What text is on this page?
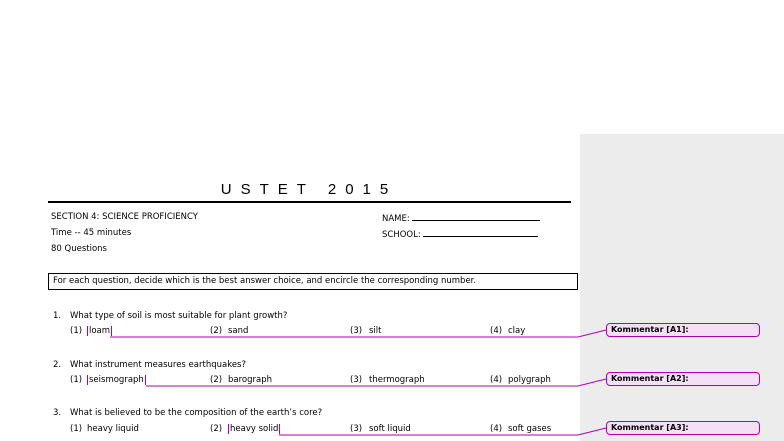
USTET 2015
SECTION 4: SCIENCE PROFICIENCY
Time -- 45 minutes
80 Questions
NAME:
SCHOOL:
For each question, decide which is the best answer choice, and encircle the corresponding number.
1. What type of soil is most suitable for plant growth?
(1) loam	(2) sand	(3) silt	(4) clay
2. What instrument measures earthquakes?
(1) seismograph	(2) barograph	(3) thermograph	(4) polygraph
3. What is believed to be the composition of the earth’s core?
(1) heavy liquid	(2) heavy solid	(3) soft liquid	(4) soft gases
Kommentar [A1]:
Kommentar [A2]:
Kommentar [A3]:
